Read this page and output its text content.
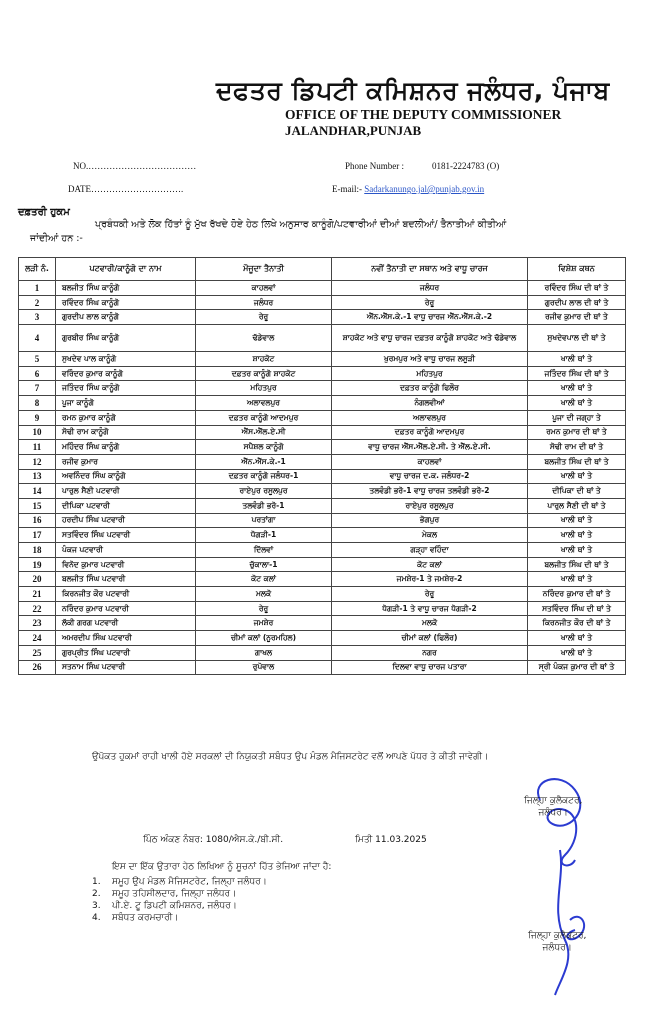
ਦਫਤਰ ਡਿਪਟੀ ਕਮਿਸ਼ਨਰ ਜਲੰਧਰ, ਪੰਜਾਬ
OFFICE OF THE DEPUTY COMMISSIONER
JALANDHAR,PUNJAB
NO.………………………………
DATE………………………….
Phone Number :	0181-2224783 (O)
E-mail:- Sadarkanungo.jal@punjab.gov.in
ਦਫ਼ਤਰੀ ਹੁਕਮ
ਪ੍ਰਬੰਧਕੀ ਅਤੇ ਲੋਕ ਹਿੱਤਾਂ ਨੂੰ ਮੁੱਖ ਰੱਖਦੇ ਹੋਏ ਹੇਠ ਲਿਖੇ ਅਨੁਸਾਰ ਕਾਨੂੰਗੋ/ਪਟਵਾਰੀਆਂ ਦੀਆਂ ਬਦਲੀਆਂ/ ਤੈਨਾਤੀਆਂ ਕੀਤੀਆਂ
ਜਾਂਦੀਆਂ ਹਨ :-
ਲੜੀ ਨੰ.	ਪਟਵਾਰੀ/ਕਾਨੂੰਗੋ ਦਾ ਨਾਮ	ਮੌਜੂਦਾ ਤੈਨਾਤੀ	ਨਵੀਂ ਤੈਨਾਤੀ ਦਾ ਸਥਾਨ ਅਤੇ ਵਾਧੂ ਚਾਰਜ	ਵਿਸ਼ੇਸ਼ ਕਥਨ
1	ਬਲਜੀਤ ਸਿੰਘ ਕਾਨੂੰਗੋ	ਕਾਹਲਵਾਂ	ਜਲੰਧਰ	ਰਵਿੰਦਰ ਸਿੰਘ ਦੀ ਥਾਂ ਤੇ
2	ਰਵਿੰਦਰ ਸਿੰਘ ਕਾਨੂੰਗੋ	ਜਲੰਧਰ	ਰੇਰੂ	ਗੁਰਦੀਪ ਲਾਲ ਦੀ ਥਾਂ ਤੇ
3	ਗੁਰਦੀਪ ਲਾਲ ਕਾਨੂੰਗੋ	ਰੇਰੂ	ਐੱਨ.ਐੱਸ.ਕੇ.-1 ਵਾਧੂ ਚਾਰਜ ਐੱਨ.ਐੱਸ.ਕੇ.-2	ਰਜੀਵ ਕੁਮਾਰ ਦੀ ਥਾਂ ਤੇ
4	ਗੁਰਬੀਰ ਸਿੰਘ ਕਾਨੂੰਗੋ	ਢੱਡੇਵਾਲ	ਸ਼ਾਹਕੋਟ ਅਤੇ ਵਾਧੂ ਚਾਰਜ ਦਫ਼ਤਰ ਕਾਨੂੰਗੋ ਸ਼ਾਹਕੋਟ ਅਤੇ ਢੱਡੇਵਾਲ	ਸੁਖਦੇਵਪਾਲ ਦੀ ਥਾਂ ਤੇ
5	ਸੁਖਦੇਵ ਪਾਲ ਕਾਨੂੰਗੋ	ਸ਼ਾਹਕੋਟ	ਖੁਰਮਪੁਰ ਅਤੇ ਵਾਧੂ ਚਾਰਜ ਲਸੂੜੀ	ਖਾਲੀ ਥਾਂ ਤੇ
6	ਵਰਿੰਦਰ ਕੁਮਾਰ ਕਾਨੂੰਗੋ	ਦਫ਼ਤਰ ਕਾਨੂੰਗੋ ਸ਼ਾਹਕੋਟ	ਮਹਿਤਪੁਰ	ਜਤਿੰਦਰ ਸਿੰਘ ਦੀ ਥਾਂ ਤੇ
7	ਜਤਿੰਦਰ ਸਿੰਘ ਕਾਨੂੰਗੋ	ਮਹਿਤਪੁਰ	ਦਫ਼ਤਰ ਕਾਨੂੰਗੋ ਫਿਲੌਰ	ਖਾਲੀ ਥਾਂ ਤੇ
8	ਪੂਜਾ ਕਾਨੂੰਗੋ	ਅਲਾਵਲਪੁਰ	ਨੰਗਲਵੀਆਂ	ਖਾਲੀ ਥਾਂ ਤੇ
9	ਰਮਨ ਕੁਮਾਰ ਕਾਨੂੰਗੋ	ਦਫ਼ਤਰ ਕਾਨੂੰਗੋ ਆਦਮਪੁਰ	ਅਲਾਵਲਪੁਰ	ਪੂਜਾ ਦੀ ਜਗ੍ਹਾ ਤੇ
10	ਸੋਢੀ ਰਾਮ ਕਾਨੂੰਗੋ	ਐੱਸ.ਐੱਲ.ਏ.ਸੀ	ਦਫ਼ਤਰ ਕਾਨੂੰਗੋ ਆਦਮਪੁਰ	ਰਮਨ ਕੁਮਾਰ ਦੀ ਥਾਂ ਤੇ
11	ਮਹਿੰਦਰ ਸਿੰਘ ਕਾਨੂੰਗੋ	ਸਪੈਸ਼ਲ ਕਾਨੂੰਗੋ	ਵਾਧੂ ਚਾਰਜ ਐੱਸ.ਐੱਲ.ਏ.ਸੀ. ਤੇ ਐੱਲ.ਏ.ਸੀ.	ਸੋਢੀ ਰਾਮ ਦੀ ਥਾਂ ਤੇ
12	ਰਜੀਵ ਕੁਮਾਰ	ਐੱਨ.ਐੱਸ.ਕੇ.-1	ਕਾਹਲਵਾਂ	ਬਲਜੀਤ ਸਿੰਘ ਦੀ ਥਾਂ ਤੇ
13	ਅਵਨਿੰਦਰ ਸਿੰਘ ਕਾਨੂੰਗੋ	ਦਫ਼ਤਰ ਕਾਨੂੰਗੋ ਜਲੰਧਰ-1	ਵਾਧੂ ਚਾਰਜ ਦ.ਕ. ਜਲੰਧਰ-2	ਖਾਲੀ ਥਾਂ ਤੇ
14	ਪਾਰੁਲ ਸੈਣੀ ਪਟਵਾਰੀ	ਰਾਏਪੁਰ ਰਸੂਲਪੁਰ	ਤਲਵੰਡੀ ਭਰੋ-1 ਵਾਧੂ ਚਾਰਜ ਤਲਵੰਡੀ ਭਰੋ-2	ਦੀਪਿਕਾ ਦੀ ਥਾਂ ਤੇ
15	ਦੀਪਿਕਾ ਪਟਵਾਰੀ	ਤਲਵੰਡੀ ਭਰੋ-1	ਰਾਏਪੁਰ ਰਸੂਲਪੁਰ	ਪਾਰੁਲ ਸੈਣੀ ਦੀ ਥਾਂ ਤੇ
16	ਹਰਦੀਪ ਸਿੰਘ ਪਟਵਾਰੀ	ਪਰਤਾਂਗਾ	ਭੋਗਪੁਰ	ਖਾਲੀ ਥਾਂ ਤੇ
17	ਸਤਵਿੰਦਰ ਸਿੰਘ ਪਟਵਾਰੀ	ਧੋਗੜੀ-1	ਮੇਕਲ	ਖਾਲੀ ਥਾਂ ਤੇ
18	ਪੰਕਜ ਪਟਵਾਰੀ	ਦਿੱਲਵਾਂ	ਗੜ੍ਹਾ ਵਹਿੰਦਾ	ਖਾਲੀ ਥਾਂ ਤੇ
19	ਵਿਨੋਦ ਕੁਮਾਰ ਪਟਵਾਰੀ	ਚੁੱਕਾਲਾ-1	ਕੋਟ ਕਲਾਂ	ਬਲਜੀਤ ਸਿੰਘ ਦੀ ਥਾਂ ਤੇ
20	ਬਲਜੀਤ ਸਿੰਘ ਪਟਵਾਰੀ	ਕੋਟ ਕਲਾਂ	ਜਮਸ਼ੇਰ-1 ਤੇ ਜਮਸ਼ੇਰ-2	ਖਾਲੀ ਥਾਂ ਤੇ
21	ਕਿਰਨਜੀਤ ਕੌਰ ਪਟਵਾਰੀ	ਮਲਕੋ	ਰੇਰੂ	ਨਰਿੰਦਰ ਕੁਮਾਰ ਦੀ ਥਾਂ ਤੇ
22	ਨਰਿੰਦਰ ਕੁਮਾਰ ਪਟਵਾਰੀ	ਰੇਰੂ	ਧੋਗੜੀ-1 ਤੇ ਵਾਧੂ ਚਾਰਜ ਧੋਗੜੀ-2	ਸਤਵਿੰਦਰ ਸਿੰਘ ਦੀ ਥਾਂ ਤੇ
23	ਲੱਕੀ ਗਰਗ ਪਟਵਾਰੀ	ਜਮਸ਼ੇਰ	ਮਲਕੋ	ਕਿਰਨਜੀਤ ਕੌਰ ਦੀ ਥਾਂ ਤੇ
24	ਅਮਰਦੀਪ ਸਿੰਘ ਪਟਵਾਰੀ	ਚੀਮਾਂ ਕਲਾਂ (ਨੂਰਮਹਿਲ)	ਚੀਮਾਂ ਕਲਾਂ (ਫਿਲੌਰ)	ਖਾਲੀ ਥਾਂ ਤੇ
25	ਗੁਰਪ੍ਰੀਤ ਸਿੰਘ ਪਟਵਾਰੀ	ਗਾਖਲ	ਨਗਰ	ਖਾਲੀ ਥਾਂ ਤੇ
26	ਸਤਨਾਮ ਸਿੰਘ ਪਟਵਾਰੀ	ਰੁਪੋਵਾਲ	ਦਿਲਵਾ ਵਾਧੂ ਚਾਰਜ ਪਤਾਰਾ	ਸ੍ਰੀ ਪੰਕਜ ਕੁਮਾਰ ਦੀ ਥਾਂ ਤੇ
ਉਪੋਕਤ ਹੁਕਮਾਂ ਰਾਹੀ ਖਾਲੀ ਹੋਏ ਸਰਕਲਾਂ ਦੀ ਨਿਯੁਕਤੀ ਸਬੰਧਤ ਉਪ ਮੰਡਲ ਮੈਜਿਸਟਰੇਟ ਵਲੋਂ ਆਪਣੇ ਪੱਧਰ ਤੇ ਕੀਤੀ ਜਾਵੇਗੀ।
ਜਿਲ੍ਹਾ ਕੁਲੈਕਟਰ,
ਜਲੰਧਰ।
ਪਿੰਠ ਅੰਕਣ ਨੰਬਰ: 1080/ਐਸ.ਕੇ./ਬੀ.ਸੀ.	ਮਿਤੀ 11.03.2025
ਇਸ ਦਾ ਇੱਕ ਉਤਾਰਾ ਹੇਠ ਲਿਖਿਆ ਨੂੰ ਸੂਚਨਾਂ ਹਿੱਤ ਭੇਜਿਆ ਜਾਂਦਾ ਹੈ:
1. ਸਮੂਹ ਉਪ ਮੰਡਲ ਮੈਜਿਸਟਰੇਟ, ਜਿਲ੍ਹਾ ਜਲੰਧਰ।
2. ਸਮੂਹ ਤਹਿਸੀਲਦਾਰ, ਜਿਲ੍ਹਾ ਜਲੰਧਰ।
3. ਪੀ.ਏ. ਟੂ ਡਿਪਟੀ ਕਮਿਸ਼ਨਰ, ਜਲੰਧਰ।
4. ਸਬੰਧਤ ਕਰਮਚਾਰੀ।
ਜਿਲ੍ਹਾ ਕੁਲੈਕਟਰ,
ਜਲੰਧਰ।
